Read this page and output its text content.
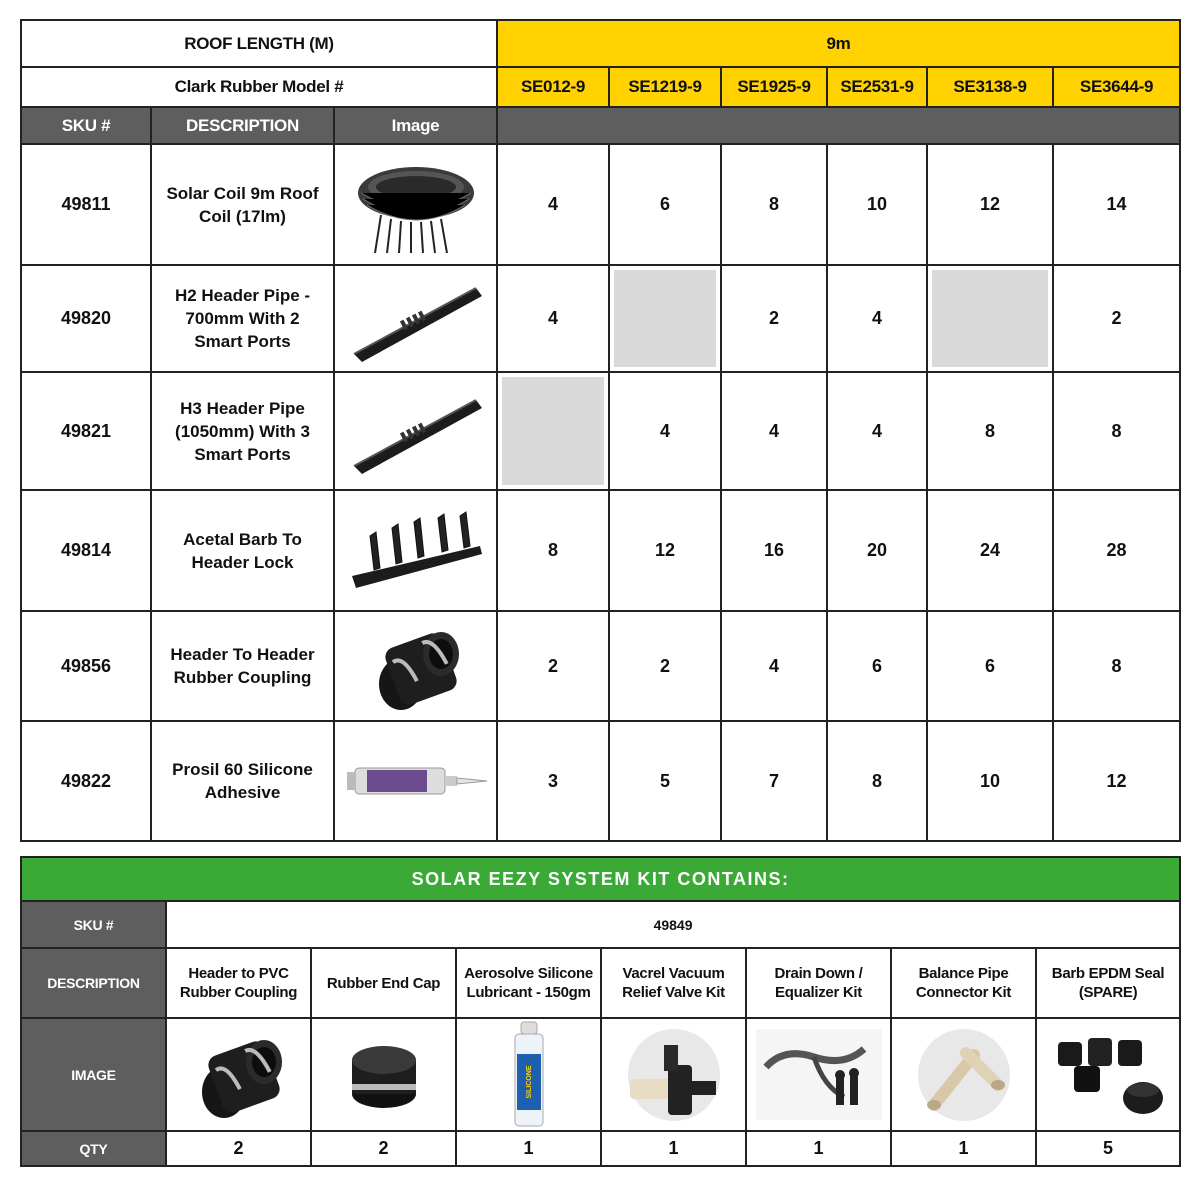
ROOF LENGTH (M)			9m					
Clark Rubber Model #			SE012-9	SE1219-9	SE1925-9	SE2531-9	SE3138-9	SE3644-9
SKU #	DESCRIPTION	Image						
49811	Solar Coil 9m Roof Coil (17lm)		4	6	8	10	12	14
49820	H2 Header Pipe - 700mm With 2 Smart Ports		4		2	4		2
49821	H3 Header Pipe (1050mm) With 3 Smart Ports			4	4	4	8	8
49814	Acetal Barb To Header Lock		8	12	16	20	24	28
49856	Header To Header Rubber Coupling		2	2	4	6	6	8
49822	Prosil 60 Silicone Adhesive		3	5	7	8	10	12
SOLAR EEZY SYSTEM KIT CONTAINS:							
SKU #	49849						
DESCRIPTION	Header to PVC Rubber Coupling	Rubber End Cap	Aerosolve Silicone Lubricant - 150gm	Vacrel Vacuum Relief Valve Kit	Drain Down / Equalizer Kit	Balance Pipe Connector Kit	Barb EPDM Seal (SPARE)
IMAGE			SILICONE

QTY	2	2	1	1	1	1	5
